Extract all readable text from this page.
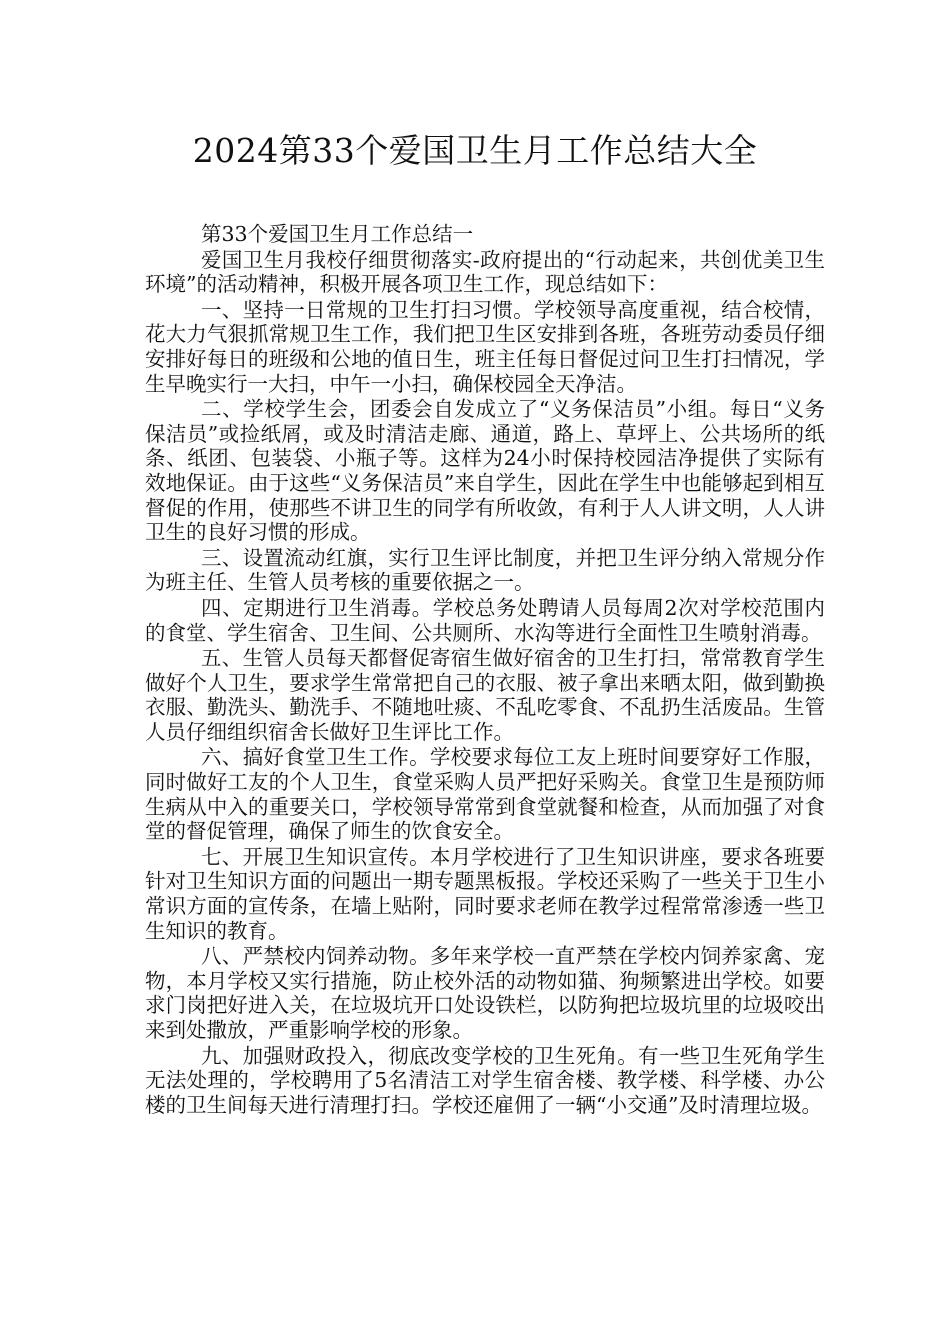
2024第33个爱国卫生月工作总结大全

第33个爱国卫生月工作总结一

爱国卫生月我校仔细贯彻落实-政府提出的“行动起来，共创优美卫生环境”的活动精神，积极开展各项卫生工作，现总结如下：

一、坚持一日常规的卫生打扫习惯。学校领导高度重视，结合校情，花大力气狠抓常规卫生工作，我们把卫生区安排到各班，各班劳动委员仔细安排好每日的班级和公地的值日生，班主任每日督促过问卫生打扫情况，学生早晚实行一大扫，中午一小扫，确保校园全天净洁。

二、学校学生会，团委会自发成立了“义务保洁员”小组。每日“义务保洁员”或捡纸屑，或及时清洁走廊、通道，路上、草坪上、公共场所的纸条、纸团、包装袋、小瓶子等。这样为24小时保持校园洁净提供了实际有效地保证。由于这些“义务保洁员”来自学生，因此在学生中也能够起到相互督促的作用，使那些不讲卫生的同学有所收敛，有利于人人讲文明，人人讲卫生的良好习惯的形成。

三、设置流动红旗，实行卫生评比制度，并把卫生评分纳入常规分作为班主任、生管人员考核的重要依据之一。

四、定期进行卫生消毒。学校总务处聘请人员每周2次对学校范围内的食堂、学生宿舍、卫生间、公共厕所、水沟等进行全面性卫生喷射消毒。

五、生管人员每天都督促寄宿生做好宿舍的卫生打扫，常常教育学生做好个人卫生，要求学生常常把自己的衣服、被子拿出来晒太阳，做到勤换衣服、勤洗头、勤洗手、不随地吐痰、不乱吃零食、不乱扔生活废品。生管人员仔细组织宿舍长做好卫生评比工作。

六、搞好食堂卫生工作。学校要求每位工友上班时间要穿好工作服，同时做好工友的个人卫生，食堂采购人员严把好采购关。食堂卫生是预防师生病从中入的重要关口，学校领导常常到食堂就餐和检查，从而加强了对食堂的督促管理，确保了师生的饮食安全。

七、开展卫生知识宣传。本月学校进行了卫生知识讲座，要求各班要针对卫生知识方面的问题出一期专题黑板报。学校还采购了一些关于卫生小常识方面的宣传条，在墙上贴附，同时要求老师在教学过程常常渗透一些卫生知识的教育。

八、严禁校内饲养动物。多年来学校一直严禁在学校内饲养家禽、宠物，本月学校又实行措施，防止校外活的动物如猫、狗频繁进出学校。如要求门岗把好进入关，在垃圾坑开口处设铁栏，以防狗把垃圾坑里的垃圾咬出来到处撒放，严重影响学校的形象。

九、加强财政投入，彻底改变学校的卫生死角。有一些卫生死角学生无法处理的，学校聘用了5名清洁工对学生宿舍楼、教学楼、科学楼、办公楼的卫生间每天进行清理打扫。学校还雇佣了一辆“小交通”及时清理垃圾。
